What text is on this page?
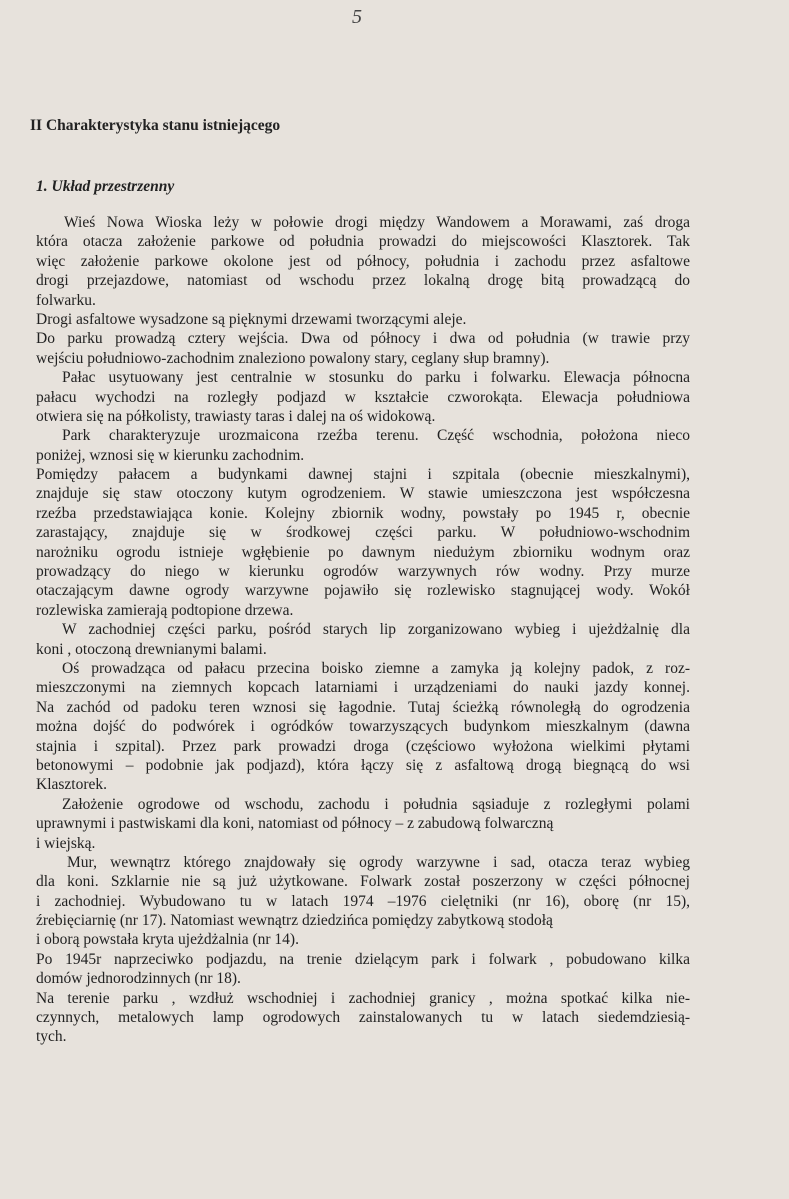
5
II Charakterystyka stanu istniejącego
1. Układ przestrzenny
Wieś Nowa Wioska leży w połowie drogi między Wandowem a Morawami, zaś droga
która otacza założenie parkowe od południa prowadzi do miejscowości Klasztorek. Tak
więc założenie parkowe okolone jest od północy, południa i zachodu przez asfaltowe
drogi przejazdowe, natomiast od wschodu przez lokalną drogę bitą prowadzącą do
folwarku.
Drogi asfaltowe wysadzone są pięknymi drzewami tworzącymi aleje.
Do parku prowadzą cztery wejścia. Dwa od północy i dwa od południa (w trawie przy
wejściu południowo-zachodnim znaleziono powalony stary, ceglany słup bramny).
Pałac usytuowany jest centralnie w stosunku do parku i folwarku. Elewacja północna
pałacu wychodzi na rozległy podjazd w kształcie czworokąta. Elewacja południowa
otwiera się na półkolisty, trawiasty taras i dalej na oś widokową.
Park charakteryzuje urozmaicona rzeźba terenu. Część wschodnia, położona nieco
poniżej, wznosi się w kierunku zachodnim.
Pomiędzy pałacem a budynkami dawnej stajni i szpitala (obecnie mieszkalnymi),
znajduje się staw otoczony kutym ogrodzeniem. W stawie umieszczona jest współczesna
rzeźba przedstawiająca konie. Kolejny zbiornik wodny, powstały po 1945 r, obecnie
zarastający, znajduje się w środkowej części parku. W południowo-wschodnim
narożniku ogrodu istnieje wgłębienie po dawnym niedużym zbiorniku wodnym oraz
prowadzący do niego w kierunku ogrodów warzywnych rów wodny. Przy murze
otaczającym dawne ogrody warzywne pojawiło się rozlewisko stagnującej wody. Wokół
rozlewiska zamierają podtopione drzewa.
W zachodniej części parku, pośród starych lip zorganizowano wybieg i ujeżdżalnię dla
koni , otoczoną drewnianymi balami.
Oś prowadząca od pałacu przecina boisko ziemne a zamyka ją kolejny padok, z roz-
mieszczonymi na ziemnych kopcach latarniami i urządzeniami do nauki jazdy konnej.
Na zachód od padoku teren wznosi się łagodnie. Tutaj ścieżką równoległą do ogrodzenia
można dojść do podwórek i ogródków towarzyszących budynkom mieszkalnym (dawna
stajnia i szpital). Przez park prowadzi droga (częściowo wyłożona wielkimi płytami
betonowymi – podobnie jak podjazd), która łączy się z asfaltową drogą biegnącą do wsi
Klasztorek.
Założenie ogrodowe od wschodu, zachodu i południa sąsiaduje z rozległymi polami
uprawnymi i pastwiskami dla koni, natomiast od północy – z zabudową folwarczną
i wiejską.
Mur, wewnątrz którego znajdowały się ogrody warzywne i sad, otacza teraz wybieg
dla koni. Szklarnie nie są już użytkowane. Folwark został poszerzony w części północnej
i zachodniej. Wybudowano tu w latach 1974 –1976 cielętniki (nr 16), oborę (nr 15),
źrebięciarnię (nr 17). Natomiast wewnątrz dziedzińca pomiędzy zabytkową stodołą
i oborą powstała kryta ujeżdżalnia (nr 14).
Po 1945r naprzeciwko podjazdu, na trenie dzielącym park i folwark , pobudowano kilka
domów jednorodzinnych (nr 18).
Na terenie parku , wzdłuż wschodniej i zachodniej granicy , można spotkać kilka nie-
czynnych, metalowych lamp ogrodowych zainstalowanych tu w latach siedemdziesią-
tych.
